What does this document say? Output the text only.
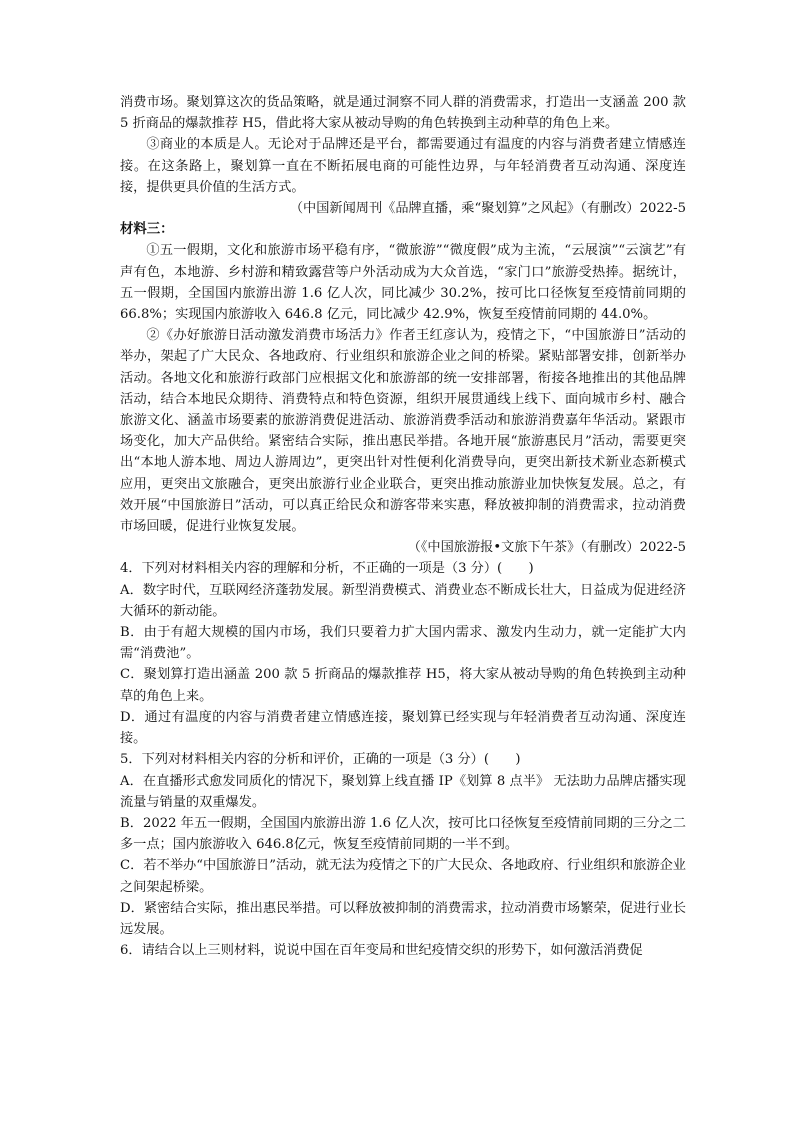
消费市场。聚划算这次的货品策略，就是通过洞察不同人群的消费需求，打造出一支涵盖 200 款 5 折商品的爆款推荐 H5，借此将大家从被动导购的角色转换到主动种草的角色上来。

③商业的本质是人。无论对于品牌还是平台，都需要通过有温度的内容与消费者建立情感连接。在这条路上，聚划算一直在不断拓展电商的可能性边界，与年轻消费者互动沟通、深度连接，提供更具价值的生活方式。

（中国新闻周刊《品牌直播，乘“聚划算”之风起》（有删改）2022-5

材料三：

①五一假期，文化和旅游市场平稳有序，“微旅游”“微度假”成为主流，“云展演”“云演艺”有声有色，本地游、乡村游和精致露营等户外活动成为大众首选，“家门口”旅游受热捧。据统计，五一假期，全国国内旅游出游 1.6 亿人次，同比减少 30.2%，按可比口径恢复至疫情前同期的 66.8%；实现国内旅游收入 646.8 亿元，同比减少 42.9%，恢复至疫情前同期的 44.0%。

②《办好旅游日活动激发消费市场活力》作者王红彦认为，疫情之下，“中国旅游日”活动的举办，架起了广大民众、各地政府、行业组织和旅游企业之间的桥梁。紧贴部署安排，创新举办活动。各地文化和旅游行政部门应根据文化和旅游部的统一安排部署，衔接各地推出的其他品牌活动，结合本地民众期待、消费特点和特色资源，组织开展贯通线上线下、面向城市乡村、融合旅游文化、涵盖市场要素的旅游消费促进活动、旅游消费季活动和旅游消费嘉年华活动。紧跟市场变化，加大产品供给。紧密结合实际，推出惠民举措。各地开展“旅游惠民月”活动，需要更突出“本地人游本地、周边人游周边”，更突出针对性便利化消费导向，更突出新技术新业态新模式应用，更突出文旅融合，更突出旅游行业企业联合，更突出推动旅游业加快恢复发展。总之，有效开展“中国旅游日”活动，可以真正给民众和游客带来实惠，释放被抑制的消费需求，拉动消费市场回暖，促进行业恢复发展。

（《中国旅游报•文旅下午茶》（有删改）2022-5

4．下列对材料相关内容的理解和分析，不正确的一项是（3 分）(　　)

A．数字时代，互联网经济蓬勃发展。新型消费模式、消费业态不断成长壮大，日益成为促进经济大循环的新动能。

B．由于有超大规模的国内市场，我们只要着力扩大国内需求、激发内生动力，就一定能扩大内需“消费池”。

C．聚划算打造出涵盖 200 款 5 折商品的爆款推荐 H5，将大家从被动导购的角色转换到主动种草的角色上来。

D．通过有温度的内容与消费者建立情感连接，聚划算已经实现与年轻消费者互动沟通、深度连接。

5．下列对材料相关内容的分析和评价，正确的一项是（3 分）(　　)

A．在直播形式愈发同质化的情况下，聚划算上线直播 IP《划算 8 点半》 无法助力品牌店播实现流量与销量的双重爆发。

B．2022 年五一假期，全国国内旅游出游 1.6 亿人次，按可比口径恢复至疫情前同期的三分之二多一点；国内旅游收入 646.8亿元，恢复至疫情前同期的一半不到。

C．若不举办“中国旅游日”活动，就无法为疫情之下的广大民众、各地政府、行业组织和旅游企业之间架起桥梁。

D．紧密结合实际，推出惠民举措。可以释放被抑制的消费需求，拉动消费市场繁荣，促进行业长远发展。

6．请结合以上三则材料，说说中国在百年变局和世纪疫情交织的形势下，如何激活消费促
